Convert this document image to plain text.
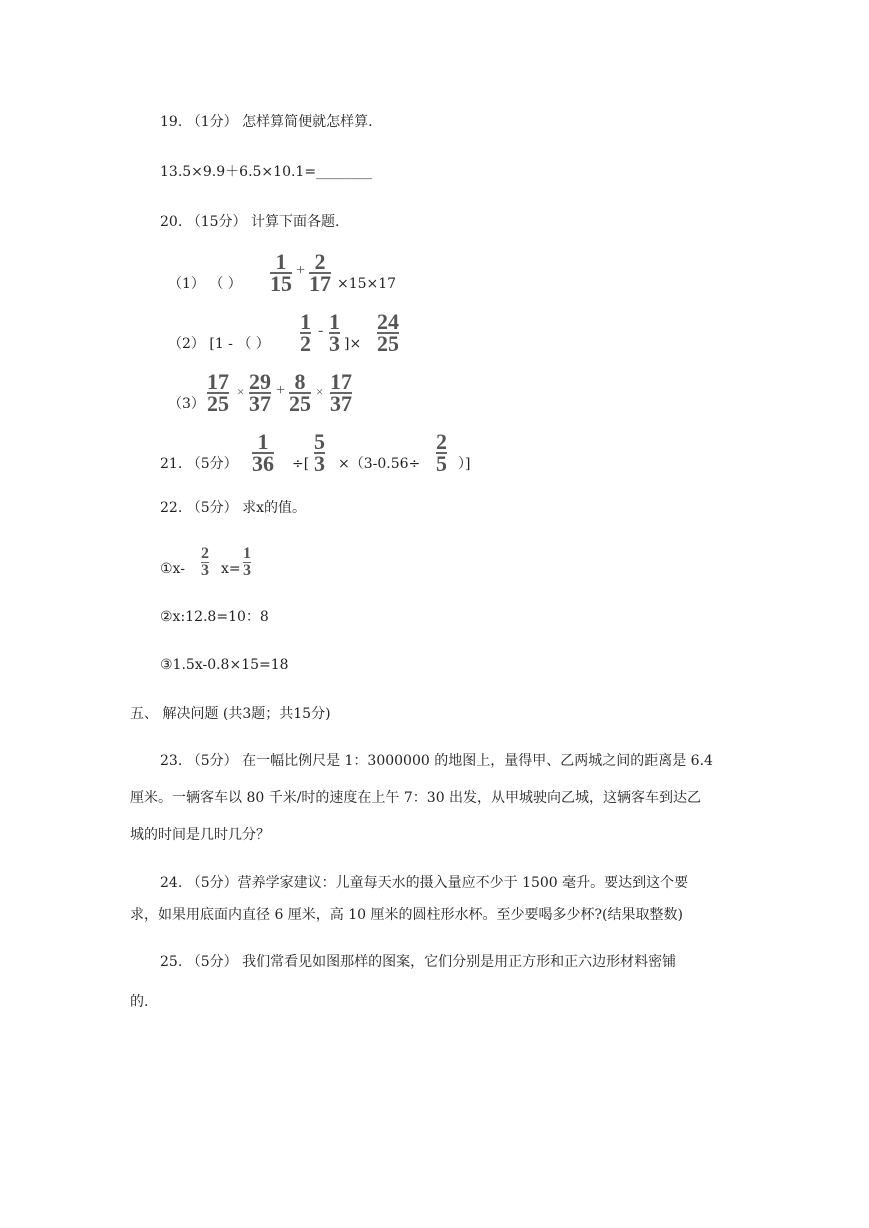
19. （1分） 怎样算简便就怎样算.
13.5×9.9＋6.5×10.1=________
20. （15分） 计算下面各题.
（1） （ ）
1
15
+ 2
17 ×15×17
（2） [1 - （ ）
1
2
- 1
3 ]×
24
25
（3）
17
25 × 29
37
+ 8
25 × 17
37
21. （5分）
1
36 ÷[
5
3 ×（3-0.56÷
2
5 ）]
22. （5分） 求x的值。
①x-
2
3 x=
1
3
②x:12.8=10：8
③1.5x-0.8×15=18
五、 解决问题 (共3题；共15分)
23. （5分） 在一幅比例尺是 1：3000000 的地图上，量得甲、乙两城之间的距离是 6.4
厘米。一辆客车以 80 千米/时的速度在上午 7：30 出发，从甲城驶向乙城，这辆客车到达乙
城的时间是几时几分？
24. （5分）营养学家建议：儿童每天水的摄入量应不少于 1500 毫升。要达到这个要
求，如果用底面内直径 6 厘米，高 10 厘米的圆柱形水杯。至少要喝多少杯?(结果取整数)
25. （5分） 我们常看见如图那样的图案，它们分别是用正方形和正六边形材料密铺
的.
